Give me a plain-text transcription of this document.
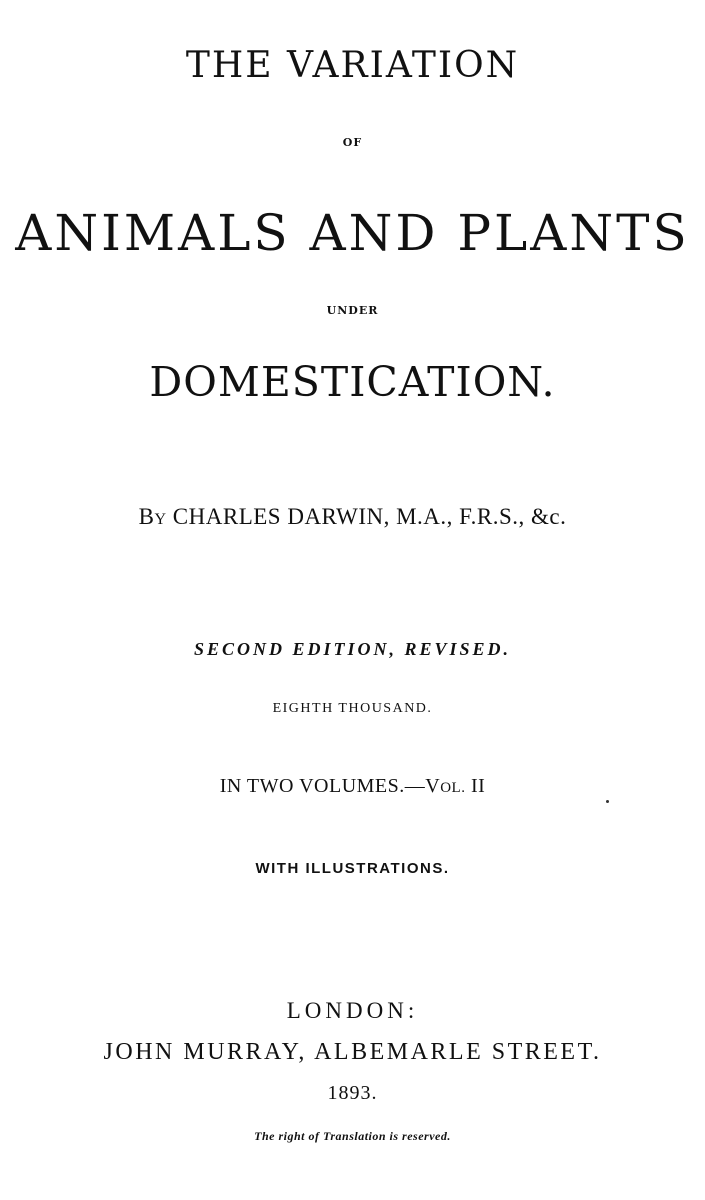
THE VARIATION
OF
ANIMALS AND PLANTS
UNDER
DOMESTICATION.
BY CHARLES DARWIN, M.A., F.R.S., &c.
SECOND EDITION, REVISED.
EIGHTH THOUSAND.
IN TWO VOLUMES.—VOL. II
WITH ILLUSTRATIONS.
LONDON:
JOHN MURRAY, ALBEMARLE STREET.
1893.
The right of Translation is reserved.
